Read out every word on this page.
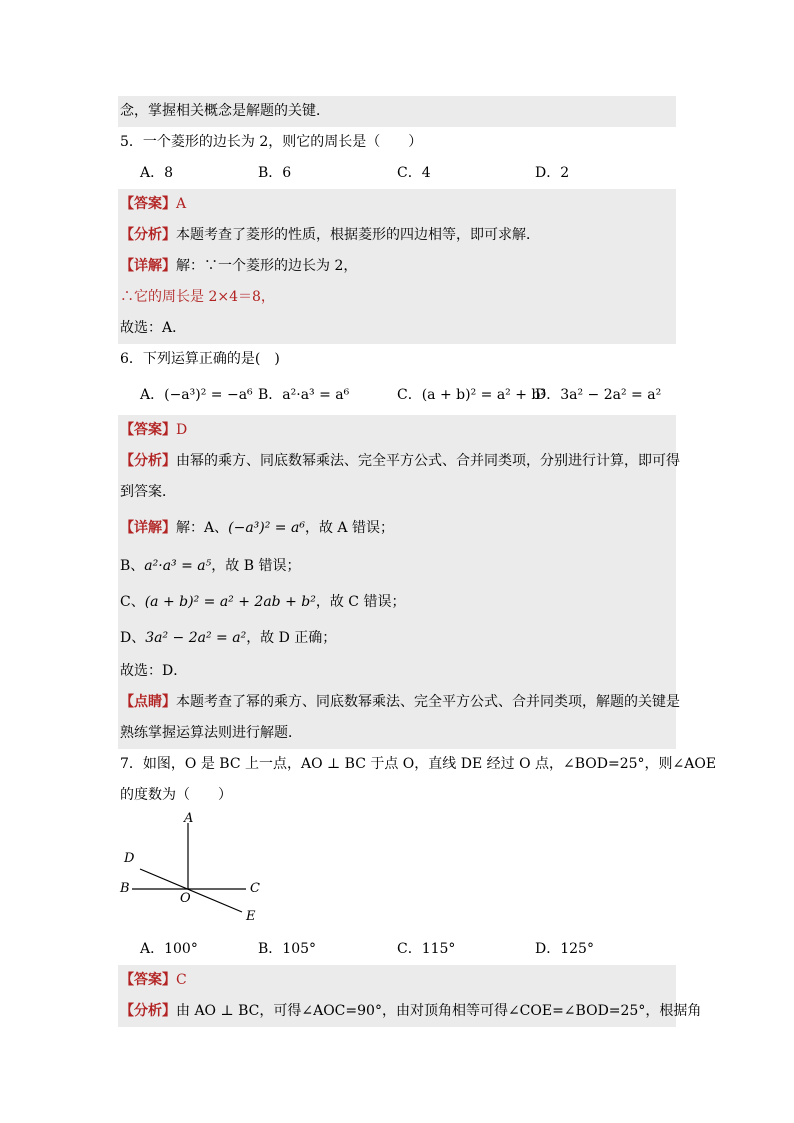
念，掌握相关概念是解题的关键．
5．一个菱形的边长为 2，则它的周长是（　　）
A．8	B．6	C．4	D．2
【答案】A
【分析】本题考查了菱形的性质，根据菱形的四边相等，即可求解．
【详解】解：∵一个菱形的边长为 2，
∴它的周长是 2×4＝8，
故选：A．
6．下列运算正确的是(　)
A．(−a³)² = −a⁶ B．a²·a³ = a⁶	C．(a + b)² = a² + b²
D．3a² − 2a² = a²
【答案】D
【分析】由幂的乘方、同底数幂乘法、完全平方公式、合并同类项，分别进行计算，即可得
到答案．
【详解】解：A、(−a³)² = a⁶，故 A 错误；
B、a²·a³ = a⁵，故 B 错误；
C、(a + b)² = a² + 2ab + b²，故 C 错误；
D、3a² − 2a² = a²，故 D 正确；
故选：D．
【点睛】本题考查了幂的乘方、同底数幂乘法、完全平方公式、合并同类项，解题的关键是
熟练掌握运算法则进行解题．
7．如图，O 是 BC 上一点，AO ⊥ BC 于点 O，直线 DE 经过 O 点，∠BOD=25°，则∠AOE
的度数为（　　）
A
D
B
O
C
E
A．100°	B．105°	C．115°	D．125°
【答案】C
【分析】由 AO ⊥ BC，可得∠AOC=90°，由对顶角相等可得∠COE=∠BOD=25°，根据角
